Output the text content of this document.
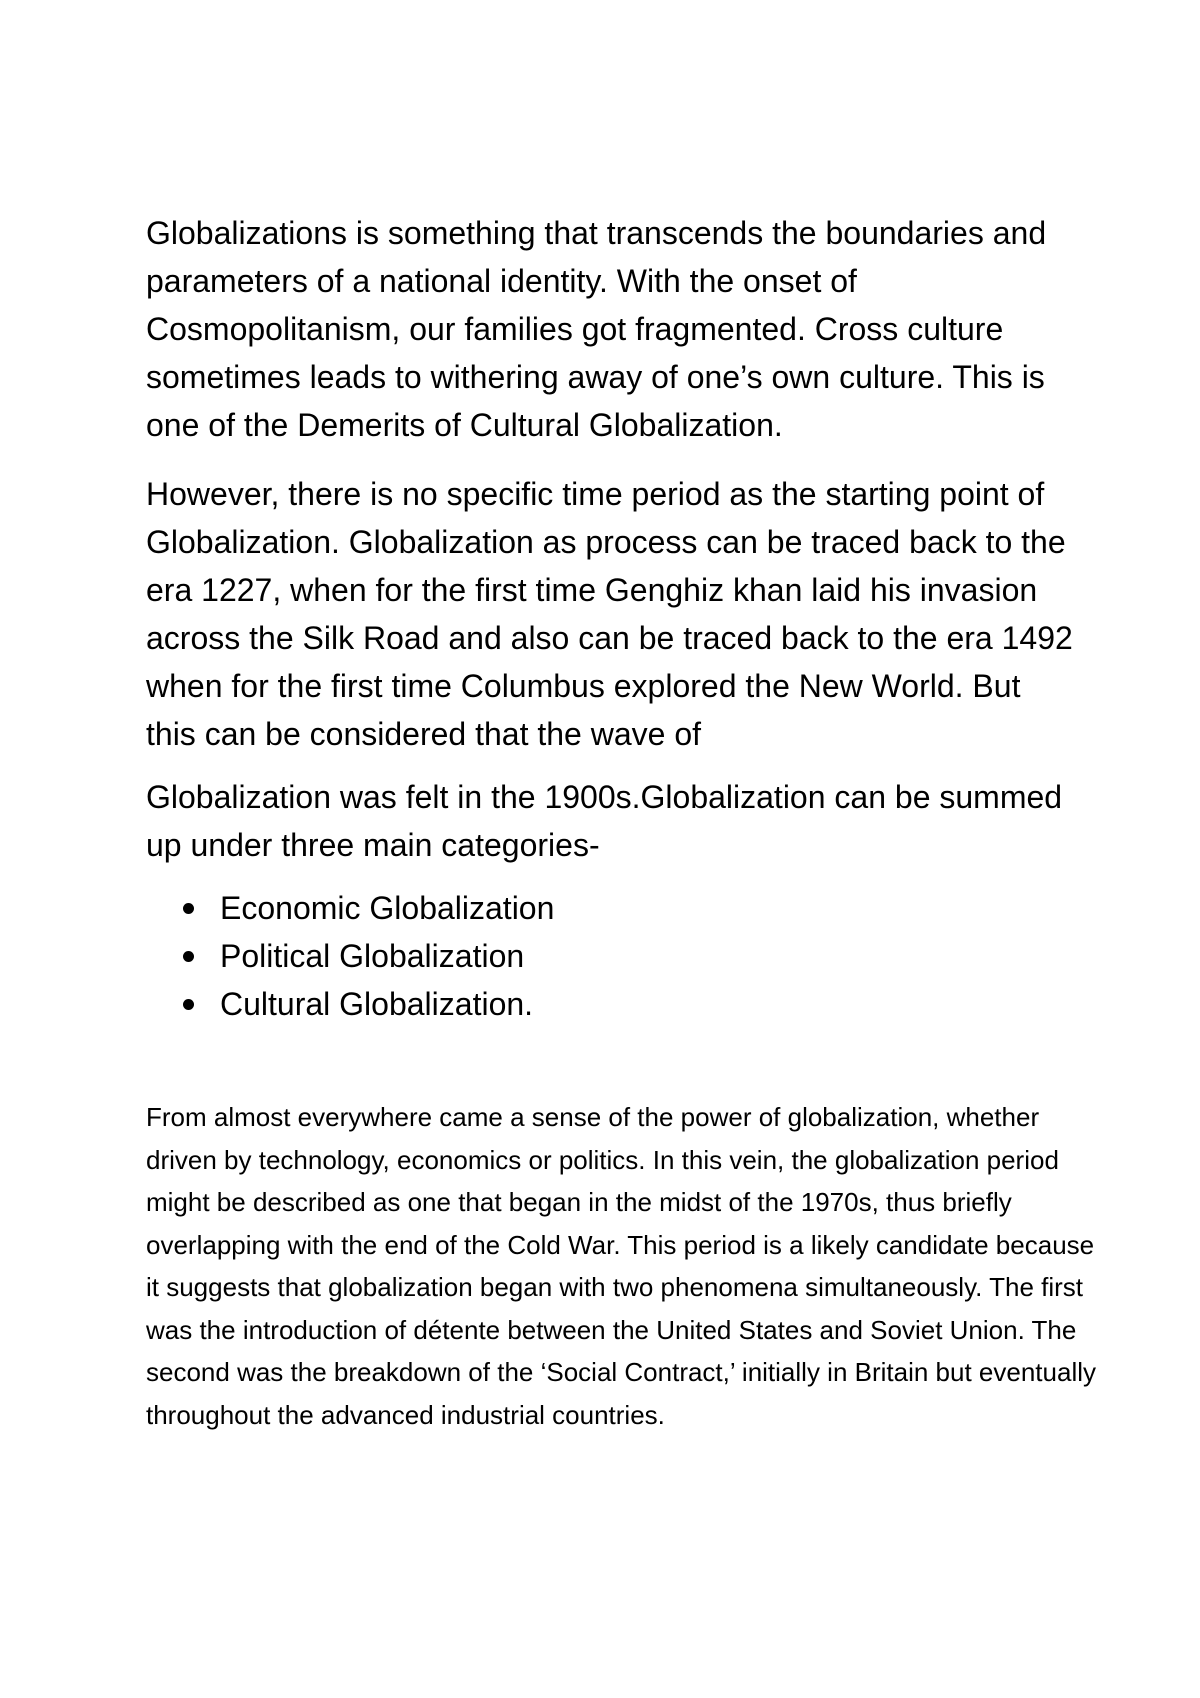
Globalizations is something that transcends the boundaries and parameters of a national identity. With the onset of Cosmopolitanism, our families got fragmented. Cross culture sometimes leads to withering away of one’s own culture. This is one of the Demerits of Cultural Globalization.

However, there is no specific time period as the starting point of Globalization. Globalization as process can be traced back to the era 1227, when for the first time Genghiz khan laid his invasion across the Silk Road and also can be traced back to the era 1492 when for the first time Columbus explored the New World. But this can be considered that the wave of

Globalization was felt in the 1900s.Globalization can be summed up under three main categories-

Economic Globalization
Political Globalization
Cultural Globalization.

From almost everywhere came a sense of the power of globalization, whether driven by technology, economics or politics. In this vein, the globalization period might be described as one that began in the midst of the 1970s, thus briefly overlapping with the end of the Cold War. This period is a likely candidate because it suggests that globalization began with two phenomena simultaneously. The first was the introduction of détente between the United States and Soviet Union. The second was the breakdown of the ‘Social Contract,’ initially in Britain but eventually throughout the advanced industrial countries.
